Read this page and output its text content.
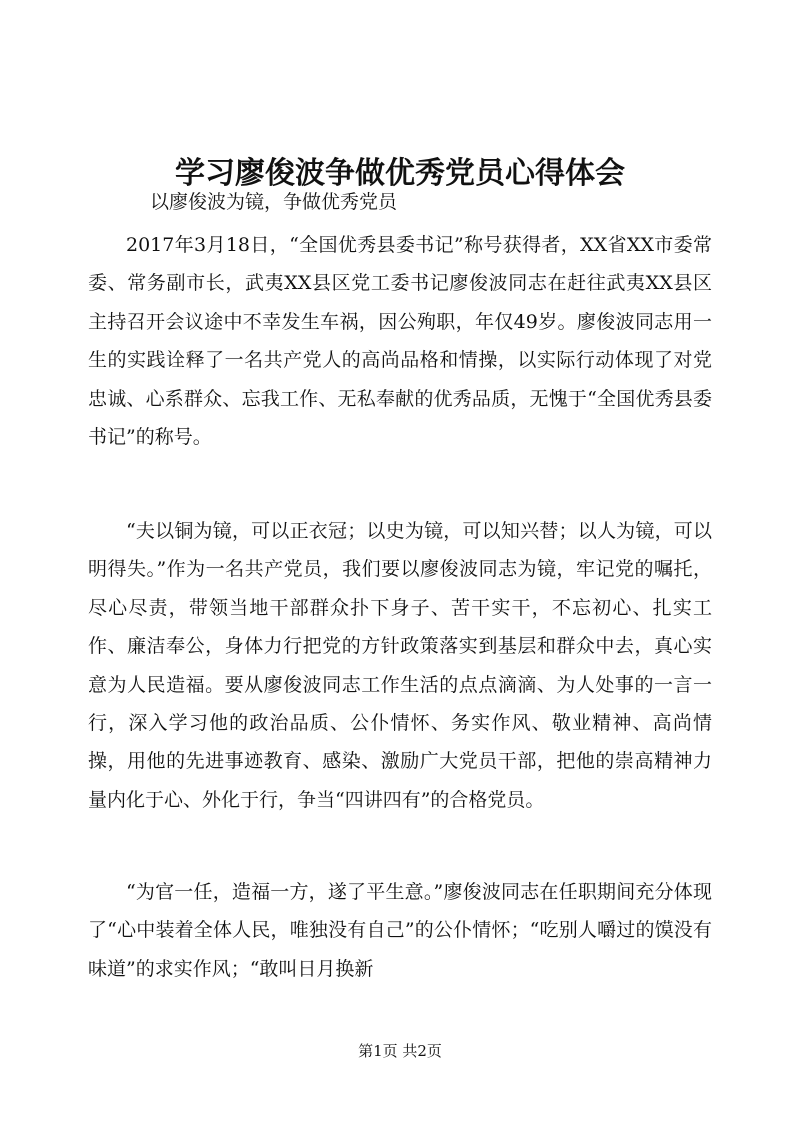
学习廖俊波争做优秀党员心得体会
以廖俊波为镜，争做优秀党员

2017年3月18日，“全国优秀县委书记”称号获得者，XX省XX市委常委、常务副市长，武夷XX县区党工委书记廖俊波同志在赶往武夷XX县区主持召开会议途中不幸发生车祸，因公殉职，年仅49岁。廖俊波同志用一生的实践诠释了一名共产党人的高尚品格和情操，以实际行动体现了对党忠诚、心系群众、忘我工作、无私奉献的优秀品质，无愧于“全国优秀县委书记”的称号。

“夫以铜为镜，可以正衣冠；以史为镜，可以知兴替；以人为镜，可以明得失。”作为一名共产党员，我们要以廖俊波同志为镜，牢记党的嘱托，尽心尽责，带领当地干部群众扑下身子、苦干实干，不忘初心、扎实工作、廉洁奉公，身体力行把党的方针政策落实到基层和群众中去，真心实意为人民造福。要从廖俊波同志工作生活的点点滴滴、为人处事的一言一行，深入学习他的政治品质、公仆情怀、务实作风、敬业精神、高尚情操，用他的先进事迹教育、感染、激励广大党员干部，把他的崇高精神力量内化于心、外化于行，争当“四讲四有”的合格党员。

“为官一任，造福一方，遂了平生意。”廖俊波同志在任职期间充分体现了“心中装着全体人民，唯独没有自己”的公仆情怀；“吃别人嚼过的馍没有味道”的求实作风；“敢叫日月换新

第1页 共2页
